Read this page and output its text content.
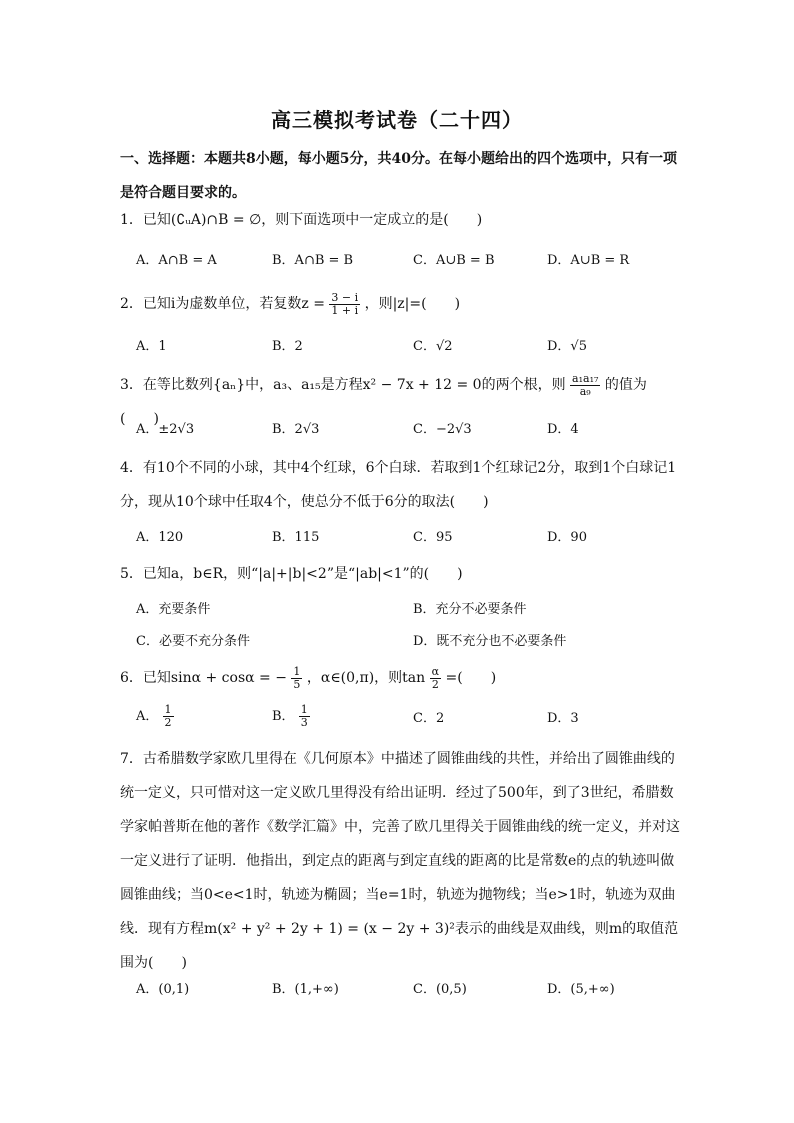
高三模拟考试卷（二十四）
一、选择题：本题共8小题，每小题5分，共40分。在每小题给出的四个选项中，只有一项是符合题目要求的。
1．已知(∁ᵤA)∩B = ∅，则下面选项中一定成立的是(　　)
A．A∩B = A	B．A∩B = B	C．A∪B = B	D．A∪B = R
2．已知i为虚数单位，若复数$z = \frac{3 - i}{1 + i}$ ，则|z|=(　　)
A．1	B．2	C．√2	D．√5
3．在等比数列{aₙ}中，a₃、a₁₅是方程x² − 7x + 12 = 0的两个根，则 $\frac{\text{a₁a₁₇}}{\text{a₉}}$ 的值为(　　)
A．±2√3	B．2√3	C．−2√3	D．4
4．有10个不同的小球，其中4个红球，6个白球．若取到1个红球记2分，取到1个白球记1分，现从10个球中任取4个，使总分不低于6分的取法(　　)
A．120	B．115	C．95	D．90
5．已知a，b∈R，则“|a|+|b|<2”是“|ab|<1”的(　　)
A．充要条件	B．充分不必要条件
C．必要不充分条件	D．既不充分也不必要条件
6．已知sinα + cosα = − $\frac{1}{5}$ ，α∈(0,π)，则$\tan \frac{\alpha}{2}$ =(　　)
A． $\frac{1}{2}$	B． $\frac{1}{3}$	C．2	D．3
7．古希腊数学家欧几里得在《几何原本》中描述了圆锥曲线的共性，并给出了圆锥曲线的统一定义，只可惜对这一定义欧几里得没有给出证明．经过了500年，到了3世纪，希腊数学家帕普斯在他的著作《数学汇篇》中，完善了欧几里得关于圆锥曲线的统一定义，并对这一定义进行了证明．他指出，到定点的距离与到定直线的距离的比是常数e的点的轨迹叫做圆锥曲线；当0<e<1时，轨迹为椭圆；当e=1时，轨迹为抛物线；当e>1时，轨迹为双曲线．现有方程m(x² + y² + 2y + 1) = (x − 2y + 3)²表示的曲线是双曲线，则m的取值范围为(　　)
A．(0,1)	B．(1,+∞)	C．(0,5)	D．(5,+∞)
